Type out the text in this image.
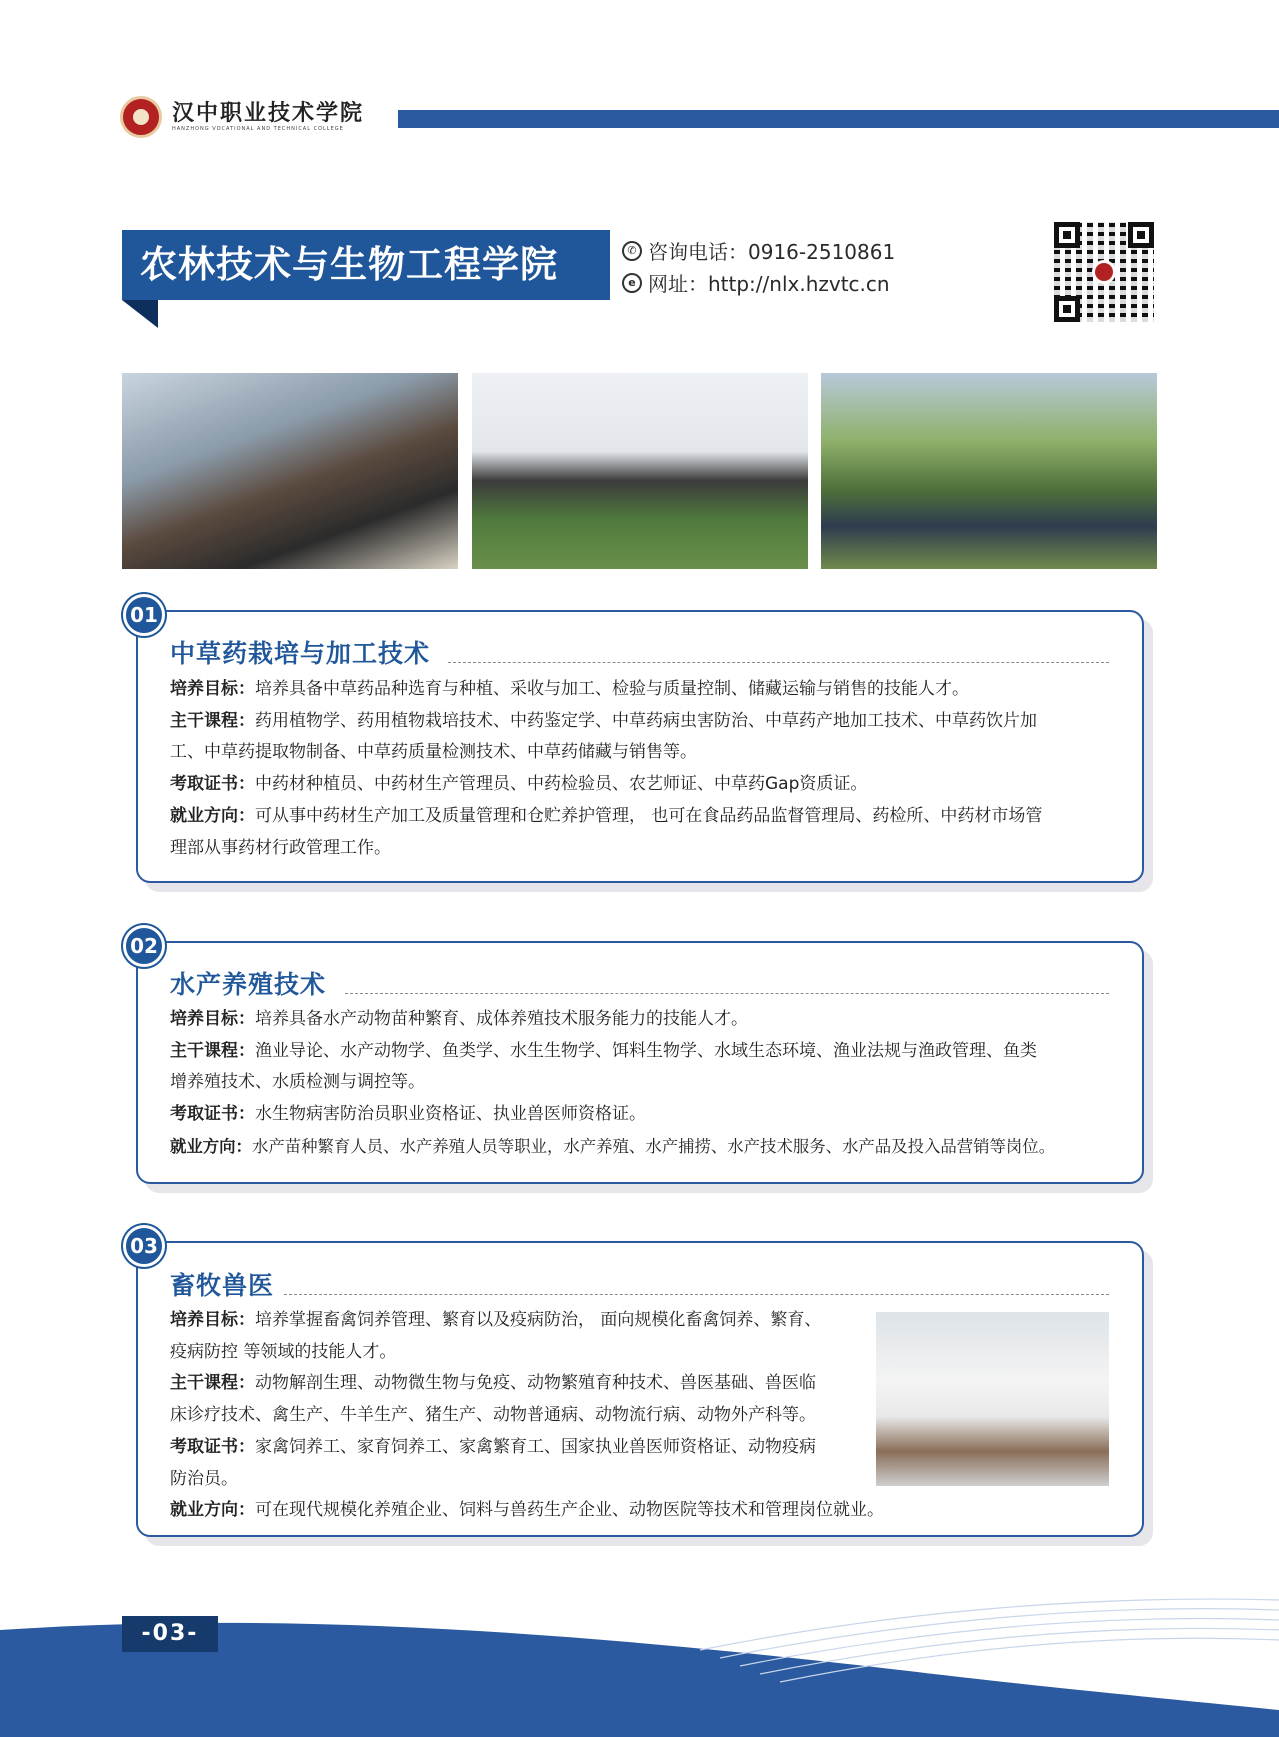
汉中职业技术学院
HANZHONG VOCATIONAL AND TECHNICAL COLLEGE
农林技术与生物工程学院	✆ 咨询电话：0916-2510861
e 网址：http://nlx.hzvtc.cn
01
中草药栽培与加工技术
培养目标：培养具备中草药品种选育与种植、采收与加工、检验与质量控制、储藏运输与销售的技能人才。
主干课程：药用植物学、药用植物栽培技术、中药鉴定学、中草药病虫害防治、中草药产地加工技术、中草药饮片加
工、中草药提取物制备、中草药质量检测技术、中草药储藏与销售等。
考取证书：中药材种植员、中药材生产管理员、中药检验员、农艺师证、中草药Gap资质证。
就业方向：可从事中药材生产加工及质量管理和仓贮养护管理， 也可在食品药品监督管理局、药检所、中药材市场管
理部从事药材行政管理工作。
02
水产养殖技术
培养目标：培养具备水产动物苗种繁育、成体养殖技术服务能力的技能人才。
主干课程：渔业导论、水产动物学、鱼类学、水生生物学、饵料生物学、水域生态环境、渔业法规与渔政管理、鱼类
增养殖技术、水质检测与调控等。
考取证书：水生物病害防治员职业资格证、执业兽医师资格证。
就业方向：水产苗种繁育人员、水产养殖人员等职业，水产养殖、水产捕捞、水产技术服务、水产品及投入品营销等岗位。
03
畜牧兽医
培养目标：培养掌握畜禽饲养管理、繁育以及疫病防治， 面向规模化畜禽饲养、繁育、
疫病防控 等领域的技能人才。
主干课程：动物解剖生理、动物微生物与免疫、动物繁殖育种技术、兽医基础、兽医临
床诊疗技术、禽生产、牛羊生产、猪生产、动物普通病、动物流行病、动物外产科等。
考取证书：家禽饲养工、家育饲养工、家禽繁育工、国家执业兽医师资格证、动物疫病
防治员。
就业方向：可在现代规模化养殖企业、饲料与兽药生产企业、动物医院等技术和管理岗位就业。
-03-
